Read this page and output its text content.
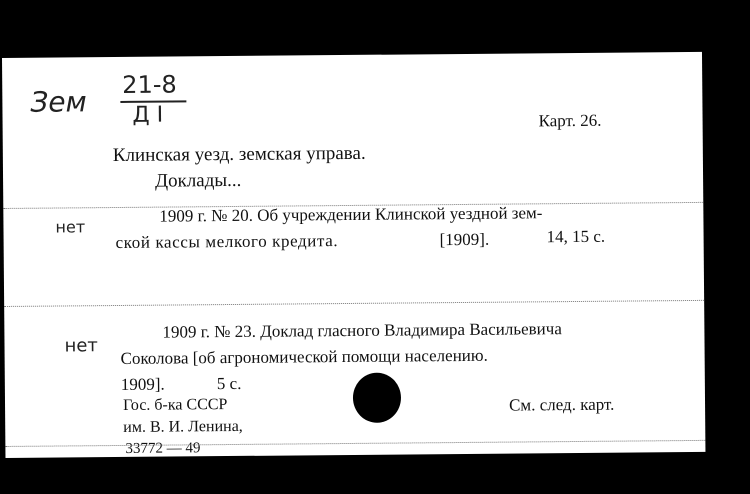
Зем
21-8
Д I	Карт. 26.
Клинская уезд. земская управа.
Доклады...
нет
1909 г. № 20. Об учреждении Клинской уездной зем-
ской кассы мелкого кредита.	[1909].	14, 15 с.
нет
1909 г. № 23. Доклад гласного Владимира Васильевича
Соколова [об агрономической помощи населению.
1909].	5 с.
Гос. б-ка СССР
им. В. И. Ленина,
33772 — 49
См. след. карт.
